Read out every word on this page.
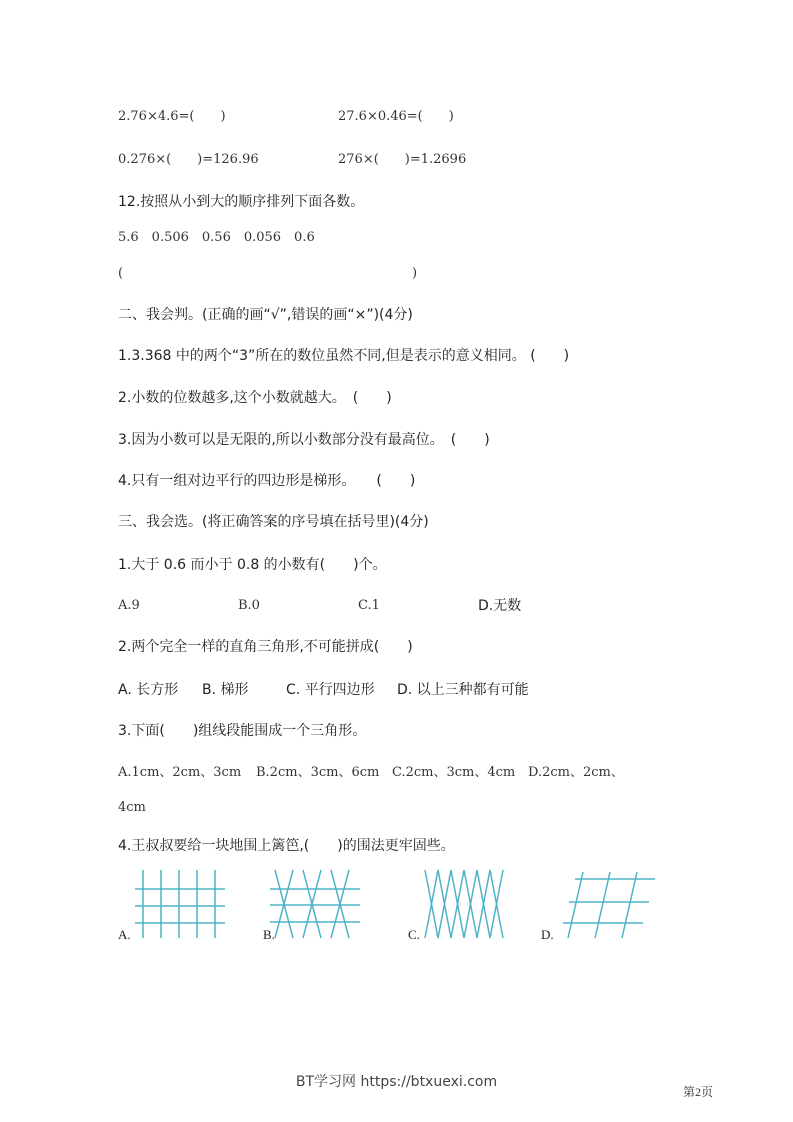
2.76×4.6=(　　)	27.6×0.46=(　　)
0.276×(　　)=126.96	276×(　　)=1.2696
12.按照从小到大的顺序排列下面各数。
5.6　0.506　0.56　0.056　0.6
(	)
二、我会判。(正确的画“√”,错误的画“×”)(4分)
1.3.368 中的两个“3”所在的数位虽然不同,但是表示的意义相同。 (　　)
2.小数的位数越多,这个小数就越大。　(　　)
3.因为小数可以是无限的,所以小数部分没有最高位。　(　　)
4.只有一组对边平行的四边形是梯形。　　(　　)
三、我会选。(将正确答案的序号填在括号里)(4分)
1.大于 0.6 而小于 0.8 的小数有(　　)个。
A.9	B.0	C.1	D.无数
2.两个完全一样的直角三角形,不可能拼成(　　)
A. 长方形 B. 梯形	C. 平行四边形 D. 以上三种都有可能
3.下面(　　)组线段能围成一个三角形。
A.1cm、2cm、3cm B.2cm、3cm、6cm C.2cm、3cm、4cm D.2cm、2cm、
4cm
4.王叔叔要给一块地围上篱笆,(　　)的围法更牢固些。
A.	B.	C.	D.
BT学习网 https://btxuexi.com
第2页
